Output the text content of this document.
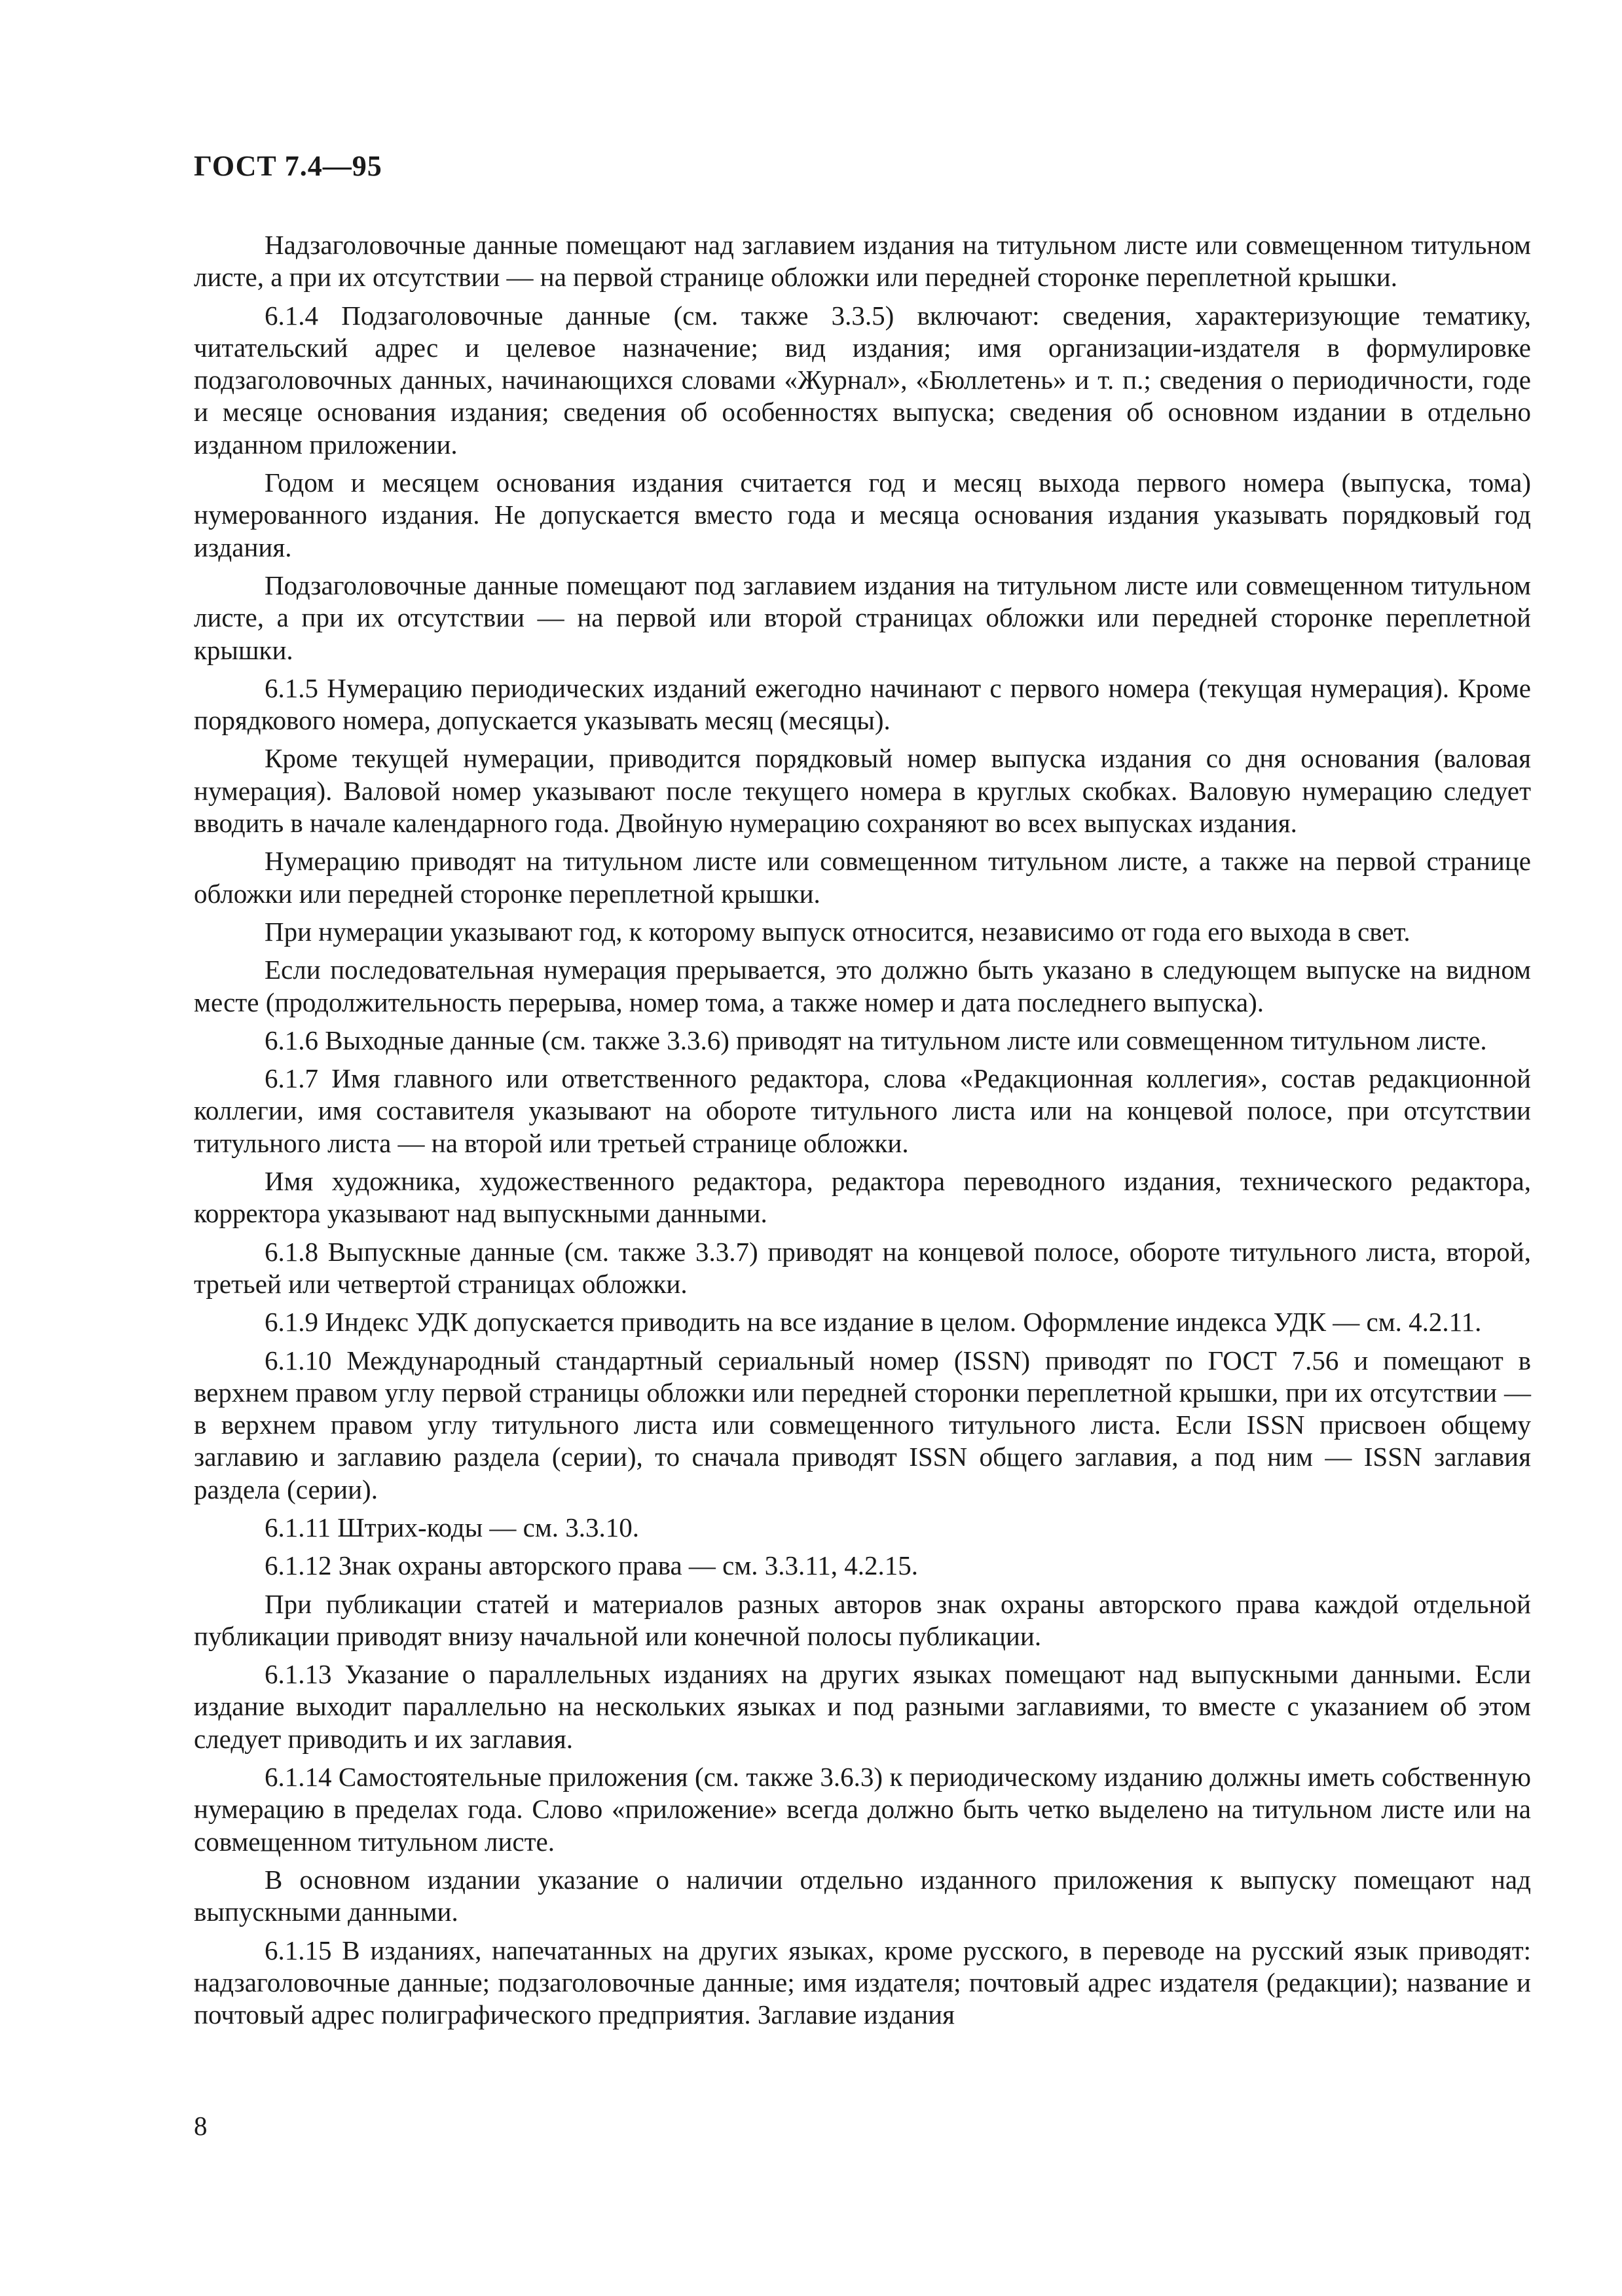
ГОСТ 7.4—95

Надзаголовочные данные помещают над заглавием издания на титульном листе или совмещенном титульном листе, а при их отсутствии — на первой странице обложки или передней сторонке переплетной крышки.

6.1.4 Подзаголовочные данные (см. также 3.3.5) включают: сведения, характеризующие тематику, читательский адрес и целевое назначение; вид издания; имя организации-издателя в формулировке подзаголовочных данных, начинающихся словами «Журнал», «Бюллетень» и т. п.; сведения о периодичности, годе и месяце основания издания; сведения об особенностях выпуска; сведения об основном издании в отдельно изданном приложении.

Годом и месяцем основания издания считается год и месяц выхода первого номера (выпуска, тома) нумерованного издания. Не допускается вместо года и месяца основания издания указывать порядковый год издания.

Подзаголовочные данные помещают под заглавием издания на титульном листе или совмещенном титульном листе, а при их отсутствии — на первой или второй страницах обложки или передней сторонке переплетной крышки.

6.1.5 Нумерацию периодических изданий ежегодно начинают с первого номера (текущая нумерация). Кроме порядкового номера, допускается указывать месяц (месяцы).

Кроме текущей нумерации, приводится порядковый номер выпуска издания со дня основания (валовая нумерация). Валовой номер указывают после текущего номера в круглых скобках. Валовую нумерацию следует вводить в начале календарного года. Двойную нумерацию сохраняют во всех выпусках издания.

Нумерацию приводят на титульном листе или совмещенном титульном листе, а также на первой странице обложки или передней сторонке переплетной крышки.

При нумерации указывают год, к которому выпуск относится, независимо от года его выхода в свет.

Если последовательная нумерация прерывается, это должно быть указано в следующем выпуске на видном месте (продолжительность перерыва, номер тома, а также номер и дата последнего выпуска).

6.1.6 Выходные данные (см. также 3.3.6) приводят на титульном листе или совмещенном титульном листе.

6.1.7 Имя главного или ответственного редактора, слова «Редакционная коллегия», состав редакционной коллегии, имя составителя указывают на обороте титульного листа или на концевой полосе, при отсутствии титульного листа — на второй или третьей странице обложки.

Имя художника, художественного редактора, редактора переводного издания, технического редактора, корректора указывают над выпускными данными.

6.1.8 Выпускные данные (см. также 3.3.7) приводят на концевой полосе, обороте титульного листа, второй, третьей или четвертой страницах обложки.

6.1.9 Индекс УДК допускается приводить на все издание в целом. Оформление индекса УДК — см. 4.2.11.

6.1.10 Международный стандартный сериальный номер (ISSN) приводят по ГОСТ 7.56 и помещают в верхнем правом углу первой страницы обложки или передней сторонки переплетной крышки, при их отсутствии — в верхнем правом углу титульного листа или совмещенного титульного листа. Если ISSN присвоен общему заглавию и заглавию раздела (серии), то сначала приводят ISSN общего заглавия, а под ним — ISSN заглавия раздела (серии).

6.1.11 Штрих-коды — см. 3.3.10.

6.1.12 Знак охраны авторского права — см. 3.3.11, 4.2.15.

При публикации статей и материалов разных авторов знак охраны авторского права каждой отдельной публикации приводят внизу начальной или конечной полосы публикации.

6.1.13 Указание о параллельных изданиях на других языках помещают над выпускными данными. Если издание выходит параллельно на нескольких языках и под разными заглавиями, то вместе с указанием об этом следует приводить и их заглавия.

6.1.14 Самостоятельные приложения (см. также 3.6.3) к периодическому изданию должны иметь собственную нумерацию в пределах года. Слово «приложение» всегда должно быть четко выделено на титульном листе или на совмещенном титульном листе.

В основном издании указание о наличии отдельно изданного приложения к выпуску помещают над выпускными данными.

6.1.15 В изданиях, напечатанных на других языках, кроме русского, в переводе на русский язык приводят: надзаголовочные данные; подзаголовочные данные; имя издателя; почтовый адрес издателя (редакции); название и почтовый адрес полиграфического предприятия. Заглавие издания

8
